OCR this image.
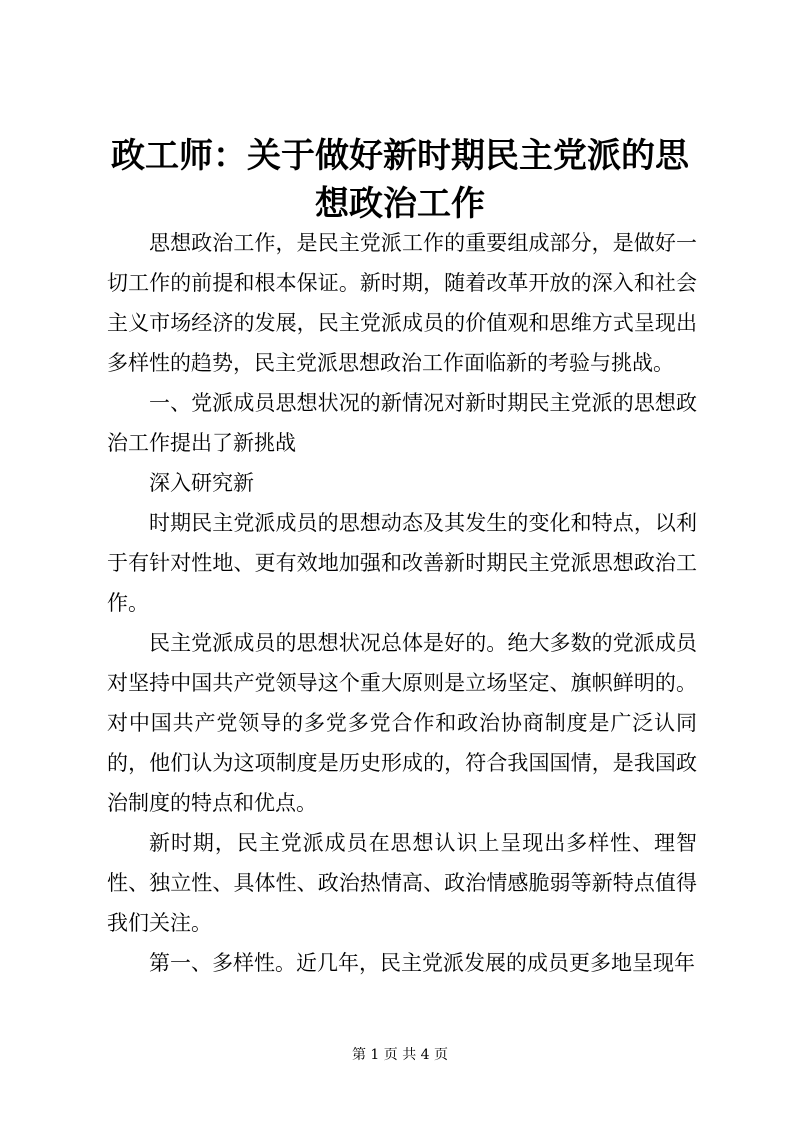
政工师：关于做好新时期民主党派的思想政治工作

思想政治工作，是民主党派工作的重要组成部分，是做好一切工作的前提和根本保证。新时期，随着改革开放的深入和社会主义市场经济的发展，民主党派成员的价值观和思维方式呈现出多样性的趋势，民主党派思想政治工作面临新的考验与挑战。

一、党派成员思想状况的新情况对新时期民主党派的思想政治工作提出了新挑战

深入研究新

时期民主党派成员的思想动态及其发生的变化和特点，以利于有针对性地、更有效地加强和改善新时期民主党派思想政治工作。

民主党派成员的思想状况总体是好的。绝大多数的党派成员对坚持中国共产党领导这个重大原则是立场坚定、旗帜鲜明的。对中国共产党领导的多党多党合作和政治协商制度是广泛认同的，他们认为这项制度是历史形成的，符合我国国情，是我国政治制度的特点和优点。

新时期，民主党派成员在思想认识上呈现出多样性、理智性、独立性、具体性、政治热情高、政治情感脆弱等新特点值得我们关注。

第一、多样性。近几年，民主党派发展的成员更多地呈现年

第 1 页 共 4 页
